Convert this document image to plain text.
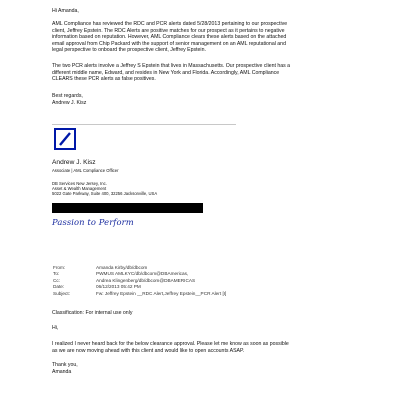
Hi Amanda,
AML Compliance has reviewed the RDC and PCR alerts dated 5/28/2013 pertaining to our prospective
client, Jeffrey Epstein. The RDC Alerts are positive matches for our prospect as it pertains to negative
information based on reputation. However, AML Compliance clears these alerts based on the attached
email approval from Chip Packard with the support of senior management on an AML reputational and
legal perspective to onboard the prospective client, Jeffrey Epstein.
The two PCR alerts involve a Jeffrey S Epstein that lives in Massachusetts. Our prospective client has a
different middle name, Edward, and resides in New York and Florida. Accordingly, AML Compliance
CLEARS these PCR alerts as false positives.
Best regards,
Andrew J. Kisz
Andrew J. Kisz
Associate | AML Compliance Officer
DB Services New Jersey, Inc.
Asset & Wealth Management
5022 Gate Parkway, Suite 400, 32256 Jacksonville, USA
Passion to Perform
From:
To:
Cc:
Date:
Subject:
Amanda Kirby/db/dbcom
PWMUS AMLKYC/db/dbcom@DBAmericas,
Andrea Klingenberg/db/dbcom@DBAMERICAS
06/12/2013 05:42 PM
Fw: Jeffrey Epstein __RDC Alert,Jeffrey Epstein__PCR Alert [I]
Classification: For internal use only
Hi,
I realized I never heard back for the below clearance approval. Please let me know as soon as possible
as we are now moving ahead with this client and would like to open accounts ASAP.
Thank you,
Amanda
